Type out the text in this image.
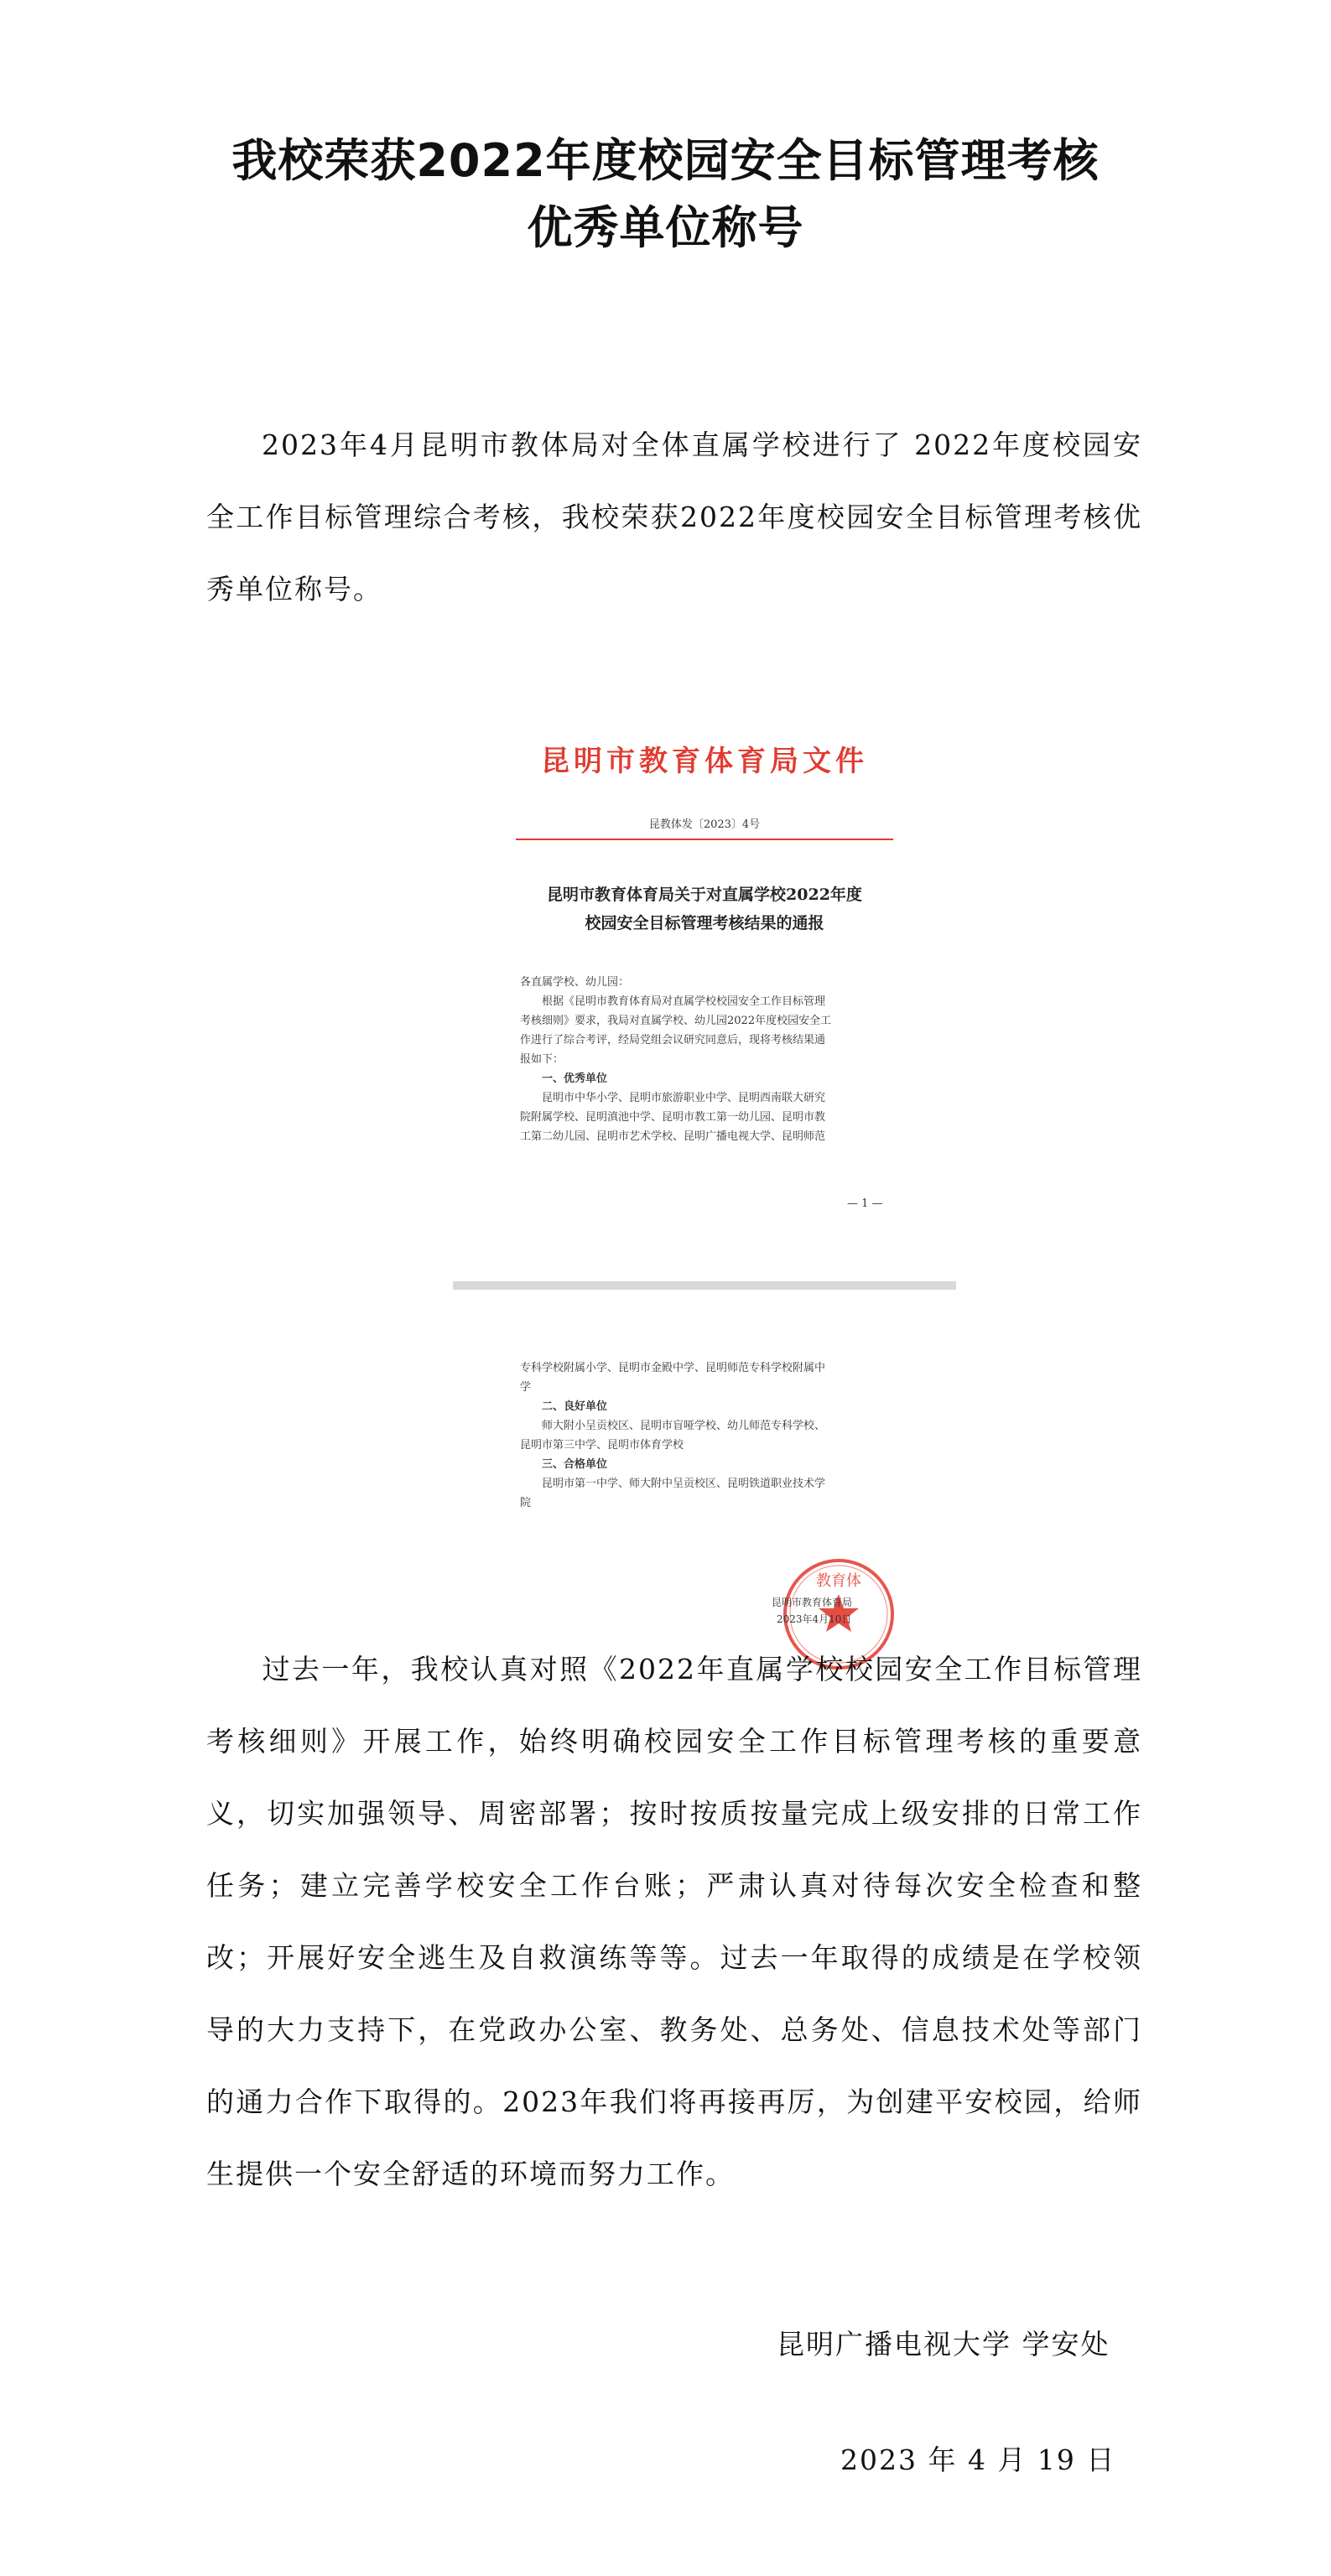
我校荣获2022年度校园安全目标管理考核
优秀单位称号

2023年4月昆明市教体局对全体直属学校进行了 2022年度校园安全工作目标管理综合考核，我校荣获2022年度校园安全目标管理考核优秀单位称号。

昆明市教育体育局文件
昆教体发〔2023〕4号
昆明市教育体育局关于对直属学校2022年度
校园安全目标管理考核结果的通报
各直属学校、幼儿园：
根据《昆明市教育体育局对直属学校校园安全工作目标管理
考核细则》要求，我局对直属学校、幼儿园2022年度校园安全工
作进行了综合考评，经局党组会议研究同意后，现将考核结果通
报如下：
一、优秀单位
昆明市中华小学、昆明市旅游职业中学、昆明西南联大研究
院附属学校、昆明滇池中学、昆明市教工第一幼儿园、昆明市教
工第二幼儿园、昆明市艺术学校、昆明广播电视大学、昆明师范
— 1 —
专科学校附属小学、昆明市金殿中学、昆明师范专科学校附属中
学
二、良好单位
师大附小呈贡校区、昆明市盲哑学校、幼儿师范专科学校、
昆明市第三中学、昆明市体育学校
三、合格单位
昆明市第一中学、师大附中呈贡校区、昆明铁道职业技术学
院
教育体
昆明市教育体育局
2023年4月10日

过去一年，我校认真对照《2022年直属学校校园安全工作目标管理考核细则》开展工作，始终明确校园安全工作目标管理考核的重要意义，切实加强领导、周密部署；按时按质按量完成上级安排的日常工作任务；建立完善学校安全工作台账；严肃认真对待每次安全检查和整改；开展好安全逃生及自救演练等等。过去一年取得的成绩是在学校领导的大力支持下，在党政办公室、教务处、总务处、信息技术处等部门的通力合作下取得的。2023年我们将再接再厉，为创建平安校园，给师生提供一个安全舒适的环境而努力工作。

昆明广播电视大学 学安处
2023 年 4 月 19 日
